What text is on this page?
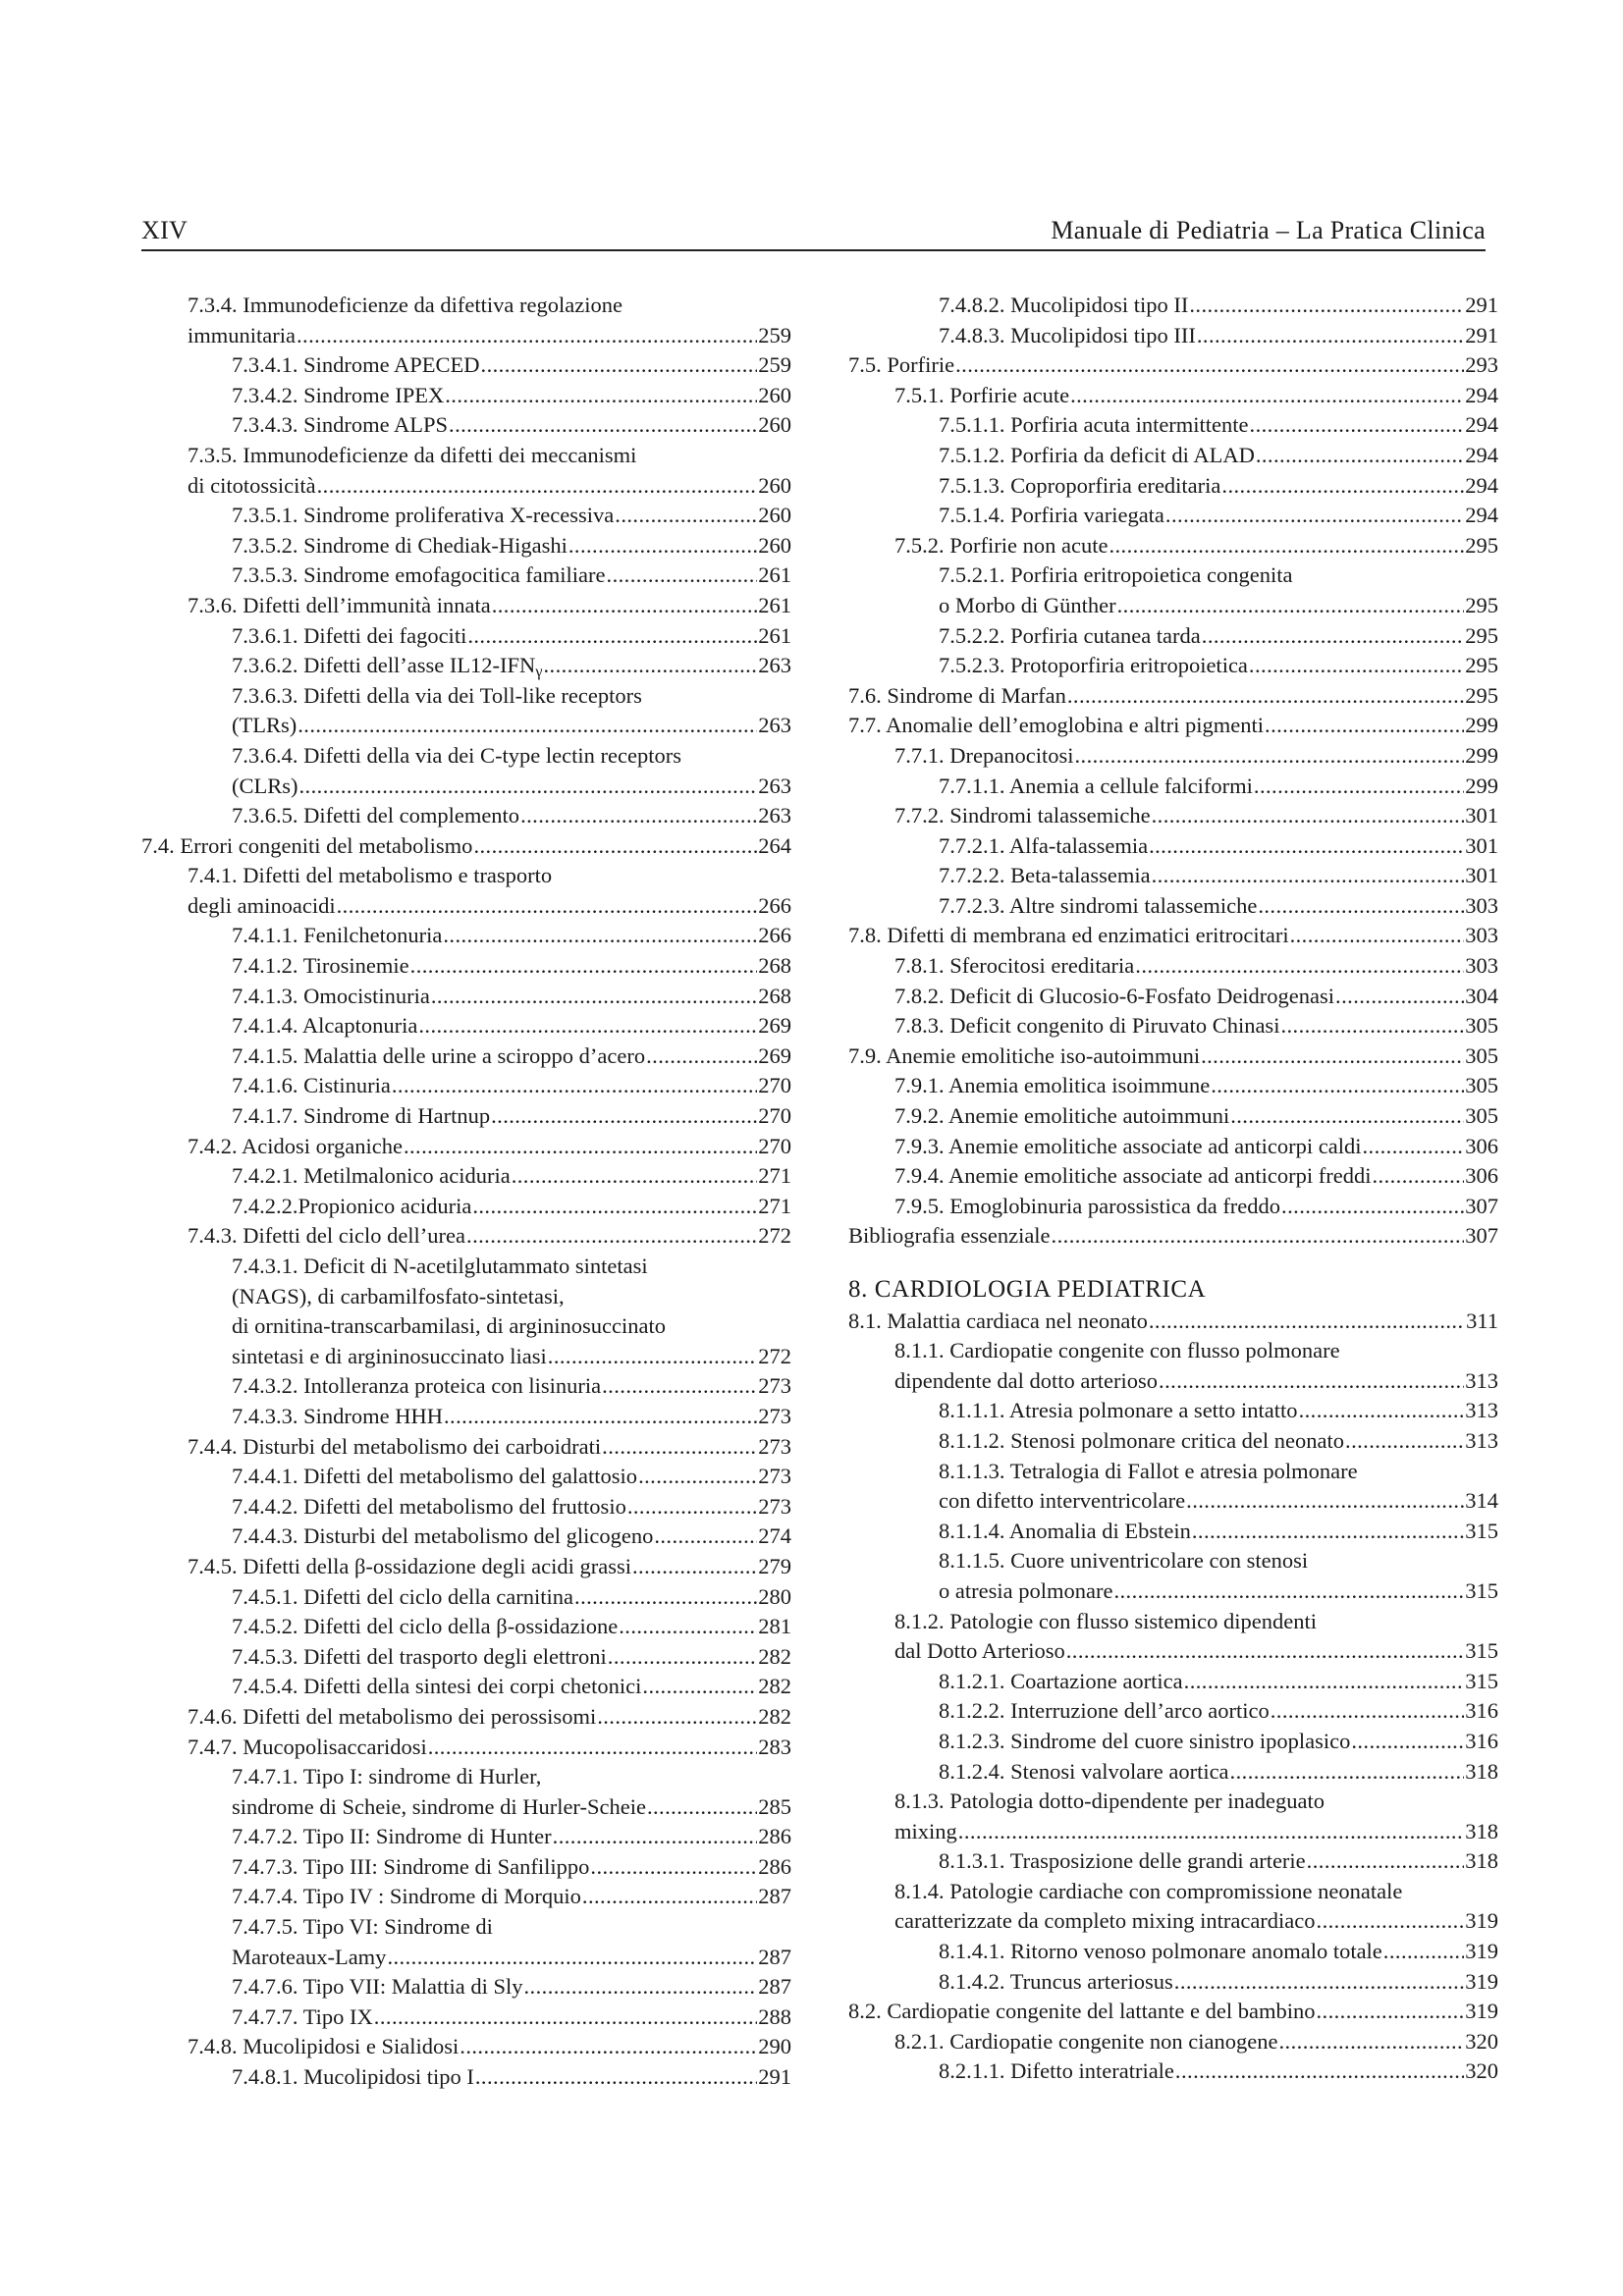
XIV	Manuale di Pediatria – La Pratica Clinica
7.3.4. Immunodeficienze da difettiva regolazione
immunitaria . . .	259
7.3.4.1. Sindrome APECED . . .	259
7.3.4.2. Sindrome IPEX . . .	260
7.3.4.3. Sindrome ALPS . . .	260
7.3.5. Immunodeficienze da difetti dei meccanismi
di citotossicità . . .	260
7.3.5.1. Sindrome proliferativa X-recessiva . . .	260
7.3.5.2. Sindrome di Chediak-Higashi . . .	260
7.3.5.3. Sindrome emofagocitica familiare . . .	261
7.3.6. Difetti dell’immunità innata . . .	261
7.3.6.1. Difetti dei fagociti . . .	261
7.3.6.2. Difetti dell’asse $IL12-IFN_\gamma$ . . .	263
7.3.6.3. Difetti della via dei Toll-like receptors
(TLRs) . . .	263
7.3.6.4. Difetti della via dei C-type lectin receptors
(CLRs) . . .	263
7.3.6.5. Difetti del complemento . . .	263
7.4. Errori congeniti del metabolismo . . .	264
7.4.1. Difetti del metabolismo e trasporto
degli aminoacidi . . .	266
7.4.1.1. Fenilchetonuria . . .	266
7.4.1.2. Tirosinemie . . .	268
7.4.1.3. Omocistinuria . . .	268
7.4.1.4. Alcaptonuria . . .	269
7.4.1.5. Malattia delle urine a sciroppo d’acero . . .	269
7.4.1.6. Cistinuria . . .	270
7.4.1.7. Sindrome di Hartnup . . .	270
7.4.2. Acidosi organiche . . .	270
7.4.2.1. Metilmalonico aciduria . . .	271
7.4.2.2.Propionico aciduria . . .	271
7.4.3. Difetti del ciclo dell’urea . . .	272
7.4.3.1. Deficit di N-acetilglutammato sintetasi
(NAGS), di carbamilfosfato-sintetasi,
di ornitina-transcarbamilasi, di argininosuccinato
sintetasi e di argininosuccinato liasi . . .	272
7.4.3.2. Intolleranza proteica con lisinuria . . .	273
7.4.3.3. Sindrome HHH . . .	273
7.4.4. Disturbi del metabolismo dei carboidrati . . .	273
7.4.4.1. Difetti del metabolismo del galattosio . . .	273
7.4.4.2. Difetti del metabolismo del fruttosio . . .	273
7.4.4.3. Disturbi del metabolismo del glicogeno . . .	274
7.4.5. Difetti della β-ossidazione degli acidi grassi . . .	279
7.4.5.1. Difetti del ciclo della carnitina . . .	280
7.4.5.2. Difetti del ciclo della β-ossidazione . . .	281
7.4.5.3. Difetti del trasporto degli elettroni . . .	282
7.4.5.4. Difetti della sintesi dei corpi chetonici . . .	282
7.4.6. Difetti del metabolismo dei perossisomi . . .	282
7.4.7. Mucopolisaccaridosi . . .	283
7.4.7.1. Tipo I: sindrome di Hurler,
sindrome di Scheie, sindrome di Hurler-Scheie . . .	285
7.4.7.2. Tipo II: Sindrome di Hunter . . .	286
7.4.7.3. Tipo III: Sindrome di Sanfilippo . . .	286
7.4.7.4. Tipo IV : Sindrome di Morquio . . .	287
7.4.7.5. Tipo VI: Sindrome di
Maroteaux-Lamy . . .	287
7.4.7.6. Tipo VII: Malattia di Sly . . .	287
7.4.7.7. Tipo IX . . .	288
7.4.8. Mucolipidosi e Sialidosi . . .	290
7.4.8.1. Mucolipidosi tipo I . . .	291
7.4.8.2. Mucolipidosi tipo II . . .	291
7.4.8.3. Mucolipidosi tipo III . . .	291
7.5. Porfirie . . .	293
7.5.1. Porfirie acute . . .	294
7.5.1.1. Porfiria acuta intermittente . . .	294
7.5.1.2. Porfiria da deficit di ALAD . . .	294
7.5.1.3. Coproporfiria ereditaria . . .	294
7.5.1.4. Porfiria variegata . . .	294
7.5.2. Porfirie non acute . . .	295
7.5.2.1. Porfiria eritropoietica congenita
o Morbo di Günther . . .	295
7.5.2.2. Porfiria cutanea tarda . . .	295
7.5.2.3. Protoporfiria eritropoietica . . .	295
7.6. Sindrome di Marfan . . .	295
7.7. Anomalie dell’emoglobina e altri pigmenti . . .	299
7.7.1. Drepanocitosi . . .	299
7.7.1.1. Anemia a cellule falciformi . . .	299
7.7.2. Sindromi talassemiche . . .	301
7.7.2.1. Alfa-talassemia . . .	301
7.7.2.2. Beta-talassemia . . .	301
7.7.2.3. Altre sindromi talassemiche . . .	303
7.8. Difetti di membrana ed enzimatici eritrocitari . . .	303
7.8.1. Sferocitosi ereditaria . . .	303
7.8.2. Deficit di Glucosio-6-Fosfato Deidrogenasi . . .	304
7.8.3. Deficit congenito di Piruvato Chinasi . . .	305
7.9. Anemie emolitiche iso-autoimmuni . . .	305
7.9.1. Anemia emolitica isoimmune . . .	305
7.9.2. Anemie emolitiche autoimmuni . . .	305
7.9.3. Anemie emolitiche associate ad anticorpi caldi . . .	306
7.9.4. Anemie emolitiche associate ad anticorpi freddi . . .	306
7.9.5. Emoglobinuria parossistica da freddo . . .	307
Bibliografia essenziale . . .	307
8. CARDIOLOGIA PEDIATRICA
8.1. Malattia cardiaca nel neonato . . .	311
8.1.1. Cardiopatie congenite con flusso polmonare
dipendente dal dotto arterioso . . .	313
8.1.1.1. Atresia polmonare a setto intatto . . .	313
8.1.1.2. Stenosi polmonare critica del neonato . . .	313
8.1.1.3. Tetralogia di Fallot e atresia polmonare
con difetto interventricolare . . .	314
8.1.1.4. Anomalia di Ebstein . . .	315
8.1.1.5. Cuore univentricolare con stenosi
o atresia polmonare . . .	315
8.1.2. Patologie con flusso sistemico dipendenti
dal Dotto Arterioso . . .	315
8.1.2.1. Coartazione aortica . . .	315
8.1.2.2. Interruzione dell’arco aortico . . .	316
8.1.2.3. Sindrome del cuore sinistro ipoplasico . . .	316
8.1.2.4. Stenosi valvolare aortica . . .	318
8.1.3. Patologia dotto-dipendente per inadeguato
mixing . . .	318
8.1.3.1. Trasposizione delle grandi arterie . . .	318
8.1.4. Patologie cardiache con compromissione neonatale
caratterizzate da completo mixing intracardiaco . . .	319
8.1.4.1. Ritorno venoso polmonare anomalo totale . . .	319
8.1.4.2. Truncus arteriosus . . .	319
8.2. Cardiopatie congenite del lattante e del bambino . . .	319
8.2.1. Cardiopatie congenite non cianogene . . .	320
8.2.1.1. Difetto interatriale . . .	320
